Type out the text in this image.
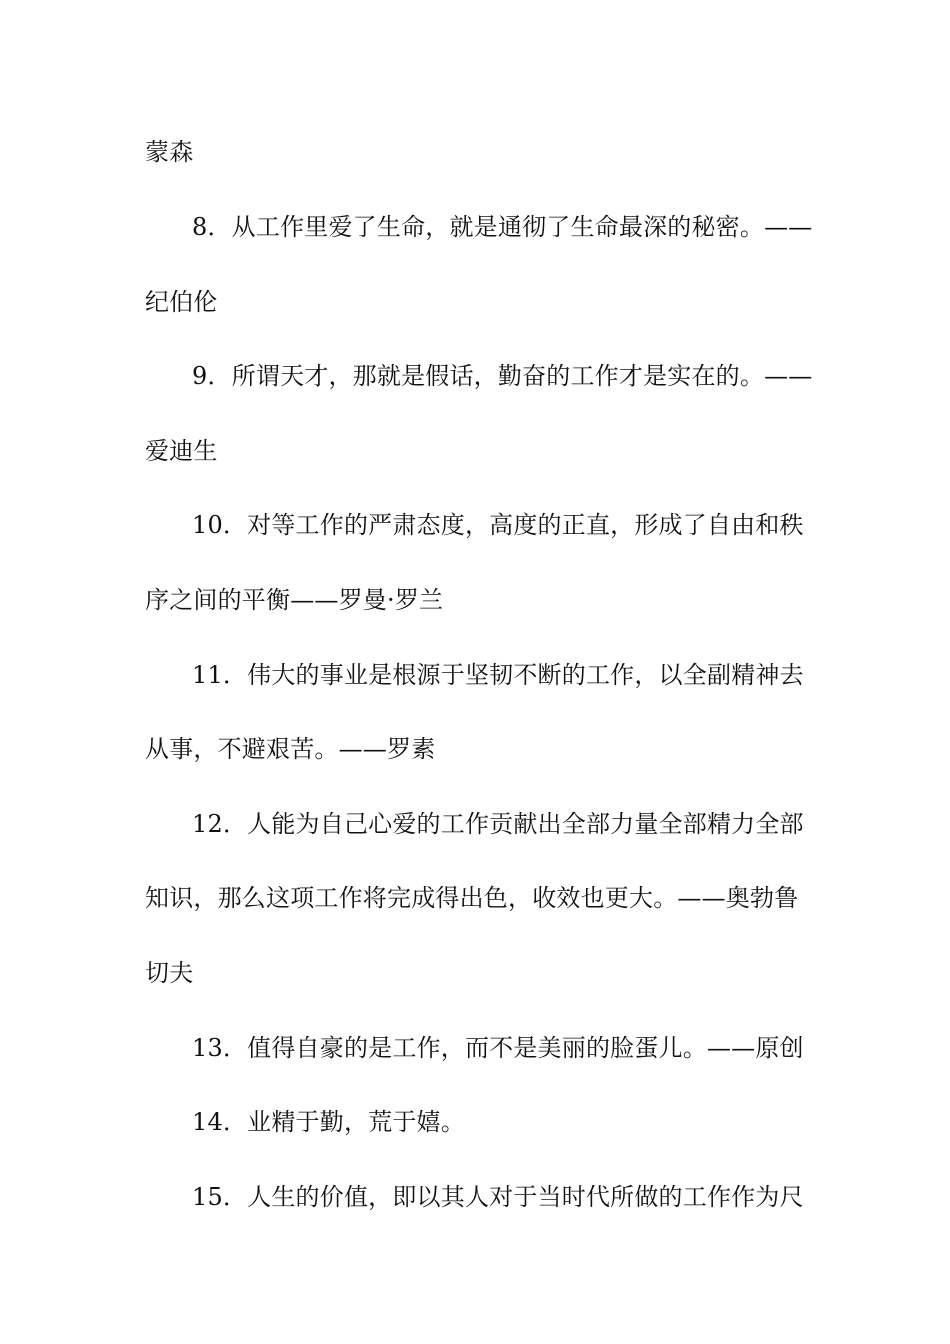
蒙森
8．从工作里爱了生命，就是通彻了生命最深的秘密。——
纪伯伦
9．所谓天才，那就是假话，勤奋的工作才是实在的。——
爱迪生
10．对等工作的严肃态度，高度的正直，形成了自由和秩
序之间的平衡——罗曼·罗兰
11．伟大的事业是根源于坚韧不断的工作，以全副精神去
从事，不避艰苦。——罗素
12．人能为自己心爱的工作贡献出全部力量全部精力全部
知识，那么这项工作将完成得出色，收效也更大。——奥勃鲁
切夫
13．值得自豪的是工作，而不是美丽的脸蛋儿。——原创
14．业精于勤，荒于嬉。
15．人生的价值，即以其人对于当时代所做的工作作为尺
